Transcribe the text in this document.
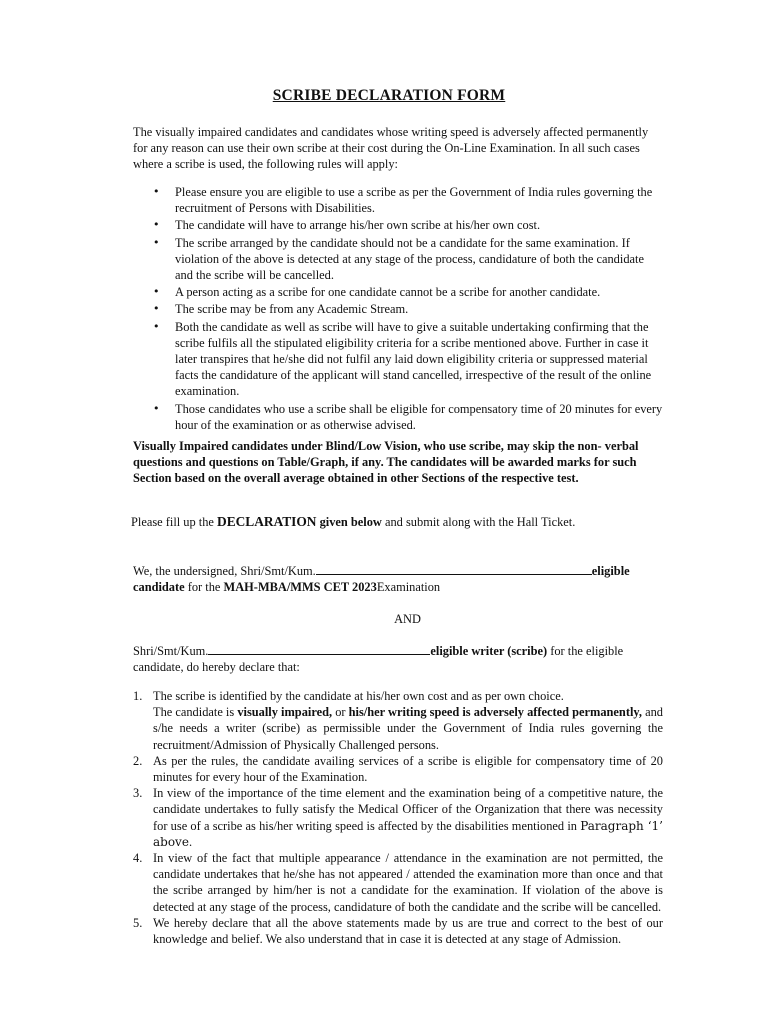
SCRIBE DECLARATION FORM
The visually impaired candidates and candidates whose writing speed is adversely affected permanently for any reason can use their own scribe at their cost during the On-Line Examination. In all such cases where a scribe is used, the following rules will apply:
• Please ensure you are eligible to use a scribe as per the Government of India rules governing the recruitment of Persons with Disabilities.
• The candidate will have to arrange his/her own scribe at his/her own cost.
• The scribe arranged by the candidate should not be a candidate for the same examination. If violation of the above is detected at any stage of the process, candidature of both the candidate and the scribe will be cancelled.
• A person acting as a scribe for one candidate cannot be a scribe for another candidate.
• The scribe may be from any Academic Stream.
• Both the candidate as well as scribe will have to give a suitable undertaking confirming that the scribe fulfils all the stipulated eligibility criteria for a scribe mentioned above. Further in case it later transpires that he/she did not fulfil any laid down eligibility criteria or suppressed material facts the candidature of the applicant will stand cancelled, irrespective of the result of the online examination.
• Those candidates who use a scribe shall be eligible for compensatory time of 20 minutes for every hour of the examination or as otherwise advised.
Visually Impaired candidates under Blind/Low Vision, who use scribe, may skip the non- verbal questions and questions on Table/Graph, if any. The candidates will be awarded marks for such Section based on the overall average obtained in other Sections of the respective test.
Please fill up the DECLARATION given below and submit along with the Hall Ticket.
We, the undersigned, Shri/Smt/Kum.	eligible
candidate for the MAH-MBA/MMS CET 2023Examination
AND
Shri/Smt/Kum.	eligible writer (scribe) for the eligible candidate, do hereby declare that:
1. The scribe is identified by the candidate at his/her own cost and as per own choice.
The candidate is visually impaired, or his/her writing speed is adversely affected permanently, and s/he needs a writer (scribe) as permissible under the Government of India rules governing the recruitment/Admission of Physically Challenged persons.
2. As per the rules, the candidate availing services of a scribe is eligible for compensatory time of 20 minutes for every hour of the Examination.
3. In view of the importance of the time element and the examination being of a competitive nature, the candidate undertakes to fully satisfy the Medical Officer of the Organization that there was necessity for use of a scribe as his/her writing speed is affected by the disabilities mentioned in Paragraph ‘1’ above.
4. In view of the fact that multiple appearance / attendance in the examination are not permitted, the candidate undertakes that he/she has not appeared / attended the examination more than once and that the scribe arranged by him/her is not a candidate for the examination. If violation of the above is detected at any stage of the process, candidature of both the candidate and the scribe will be cancelled.
5. We hereby declare that all the above statements made by us are true and correct to the best of our knowledge and belief. We also understand that in case it is detected at any stage of Admission.
